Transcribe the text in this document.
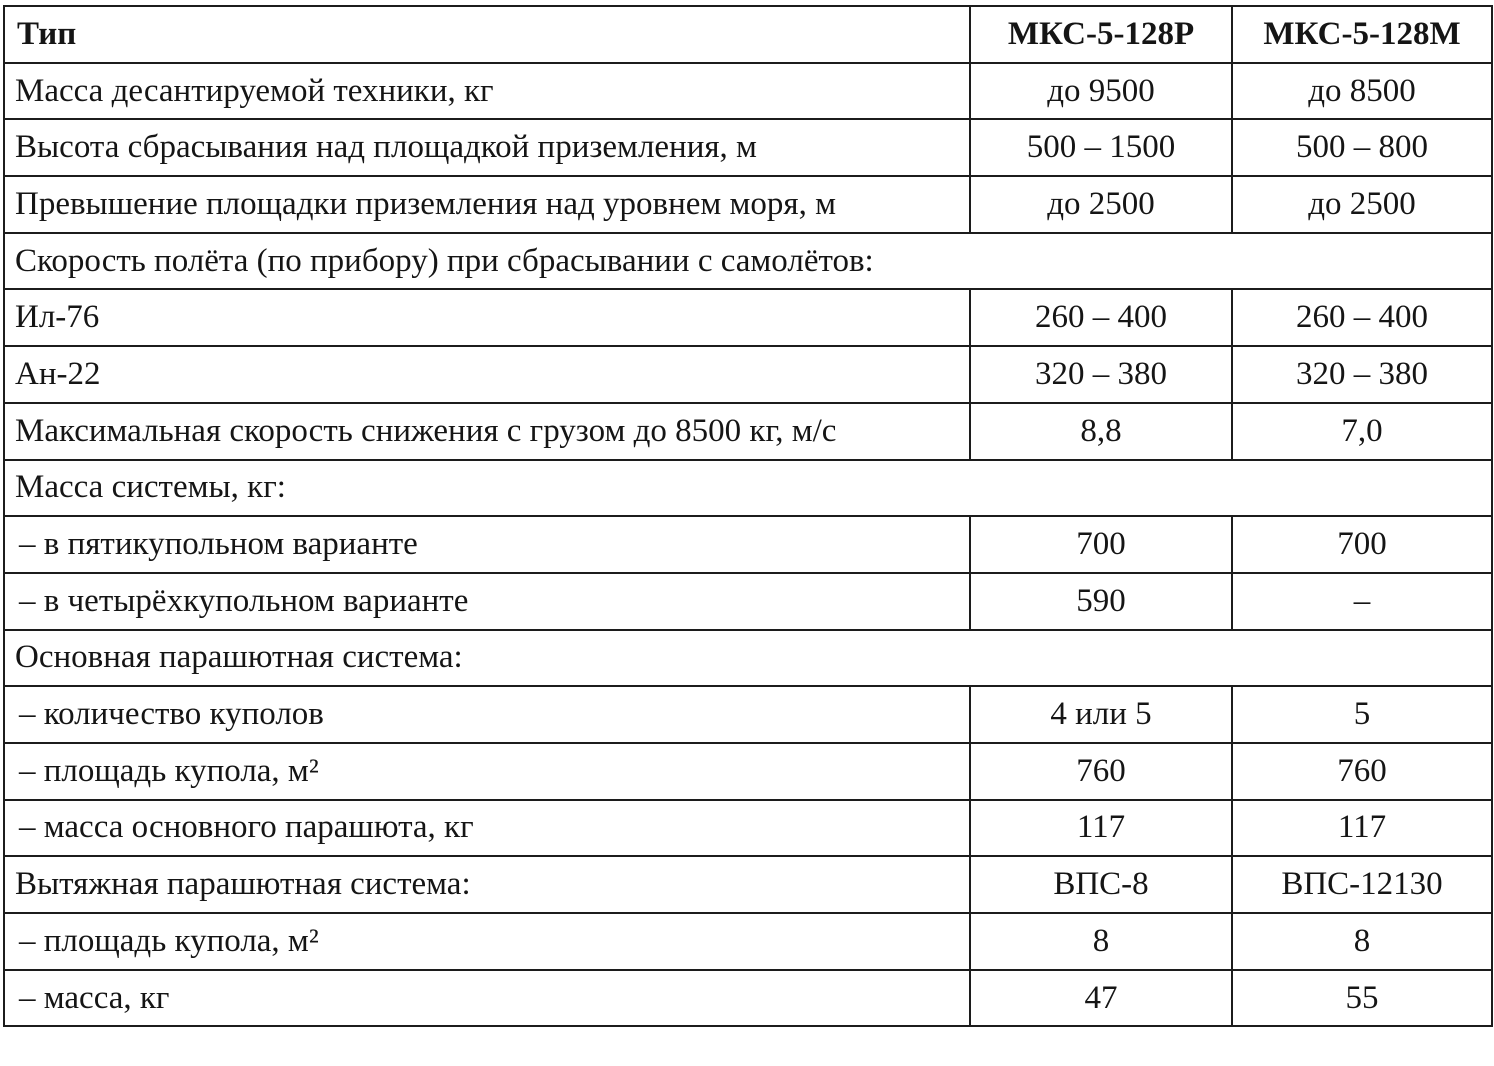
Тип	МКС-5-128Р	МКС-5-128М
Масса десантируемой техники, кг	до 9500	до 8500
Высота сбрасывания над площадкой приземления, м	500 – 1500	500 – 800
Превышение площадки приземления над уровнем моря, м	до 2500	до 2500
Скорость полёта (по прибору) при сбрасывании с самолётов:		
Ил-76	260 – 400	260 – 400
Ан-22	320 – 380	320 – 380
Максимальная скорость снижения с грузом до 8500 кг, м/с	8,8	7,0
Масса системы, кг:		
– в пятикупольном варианте	700	700
– в четырёхкупольном варианте	590	–
Основная парашютная система:		
– количество куполов	4 или 5	5
– площадь купола, м²	760	760
– масса основного парашюта, кг	117	117
Вытяжная парашютная система:	ВПС-8	ВПС-12130
– площадь купола, м²	8	8
– масса, кг	47	55
